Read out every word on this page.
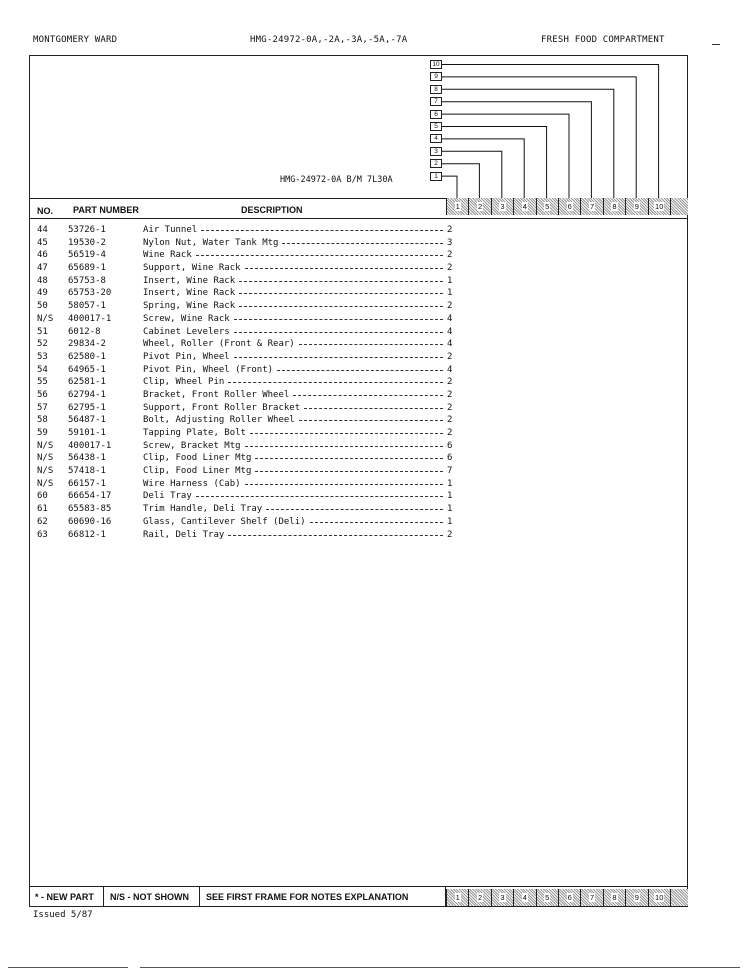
MONTGOMERY WARD	HMG-24972-0A,-2A,-3A,-5A,-7A	FRESH FOOD COMPARTMENT
10
9
8
7
6
5
4
3
2
1
HMG-24972-0A B/M 7L30A
NO. PART NUMBER	DESCRIPTION	1 2 3 4 5 6 7 8 9 10
44 53726-1	Air Tunnel	2
45 19530-2	Nylon Nut, Water Tank Mtg	3
46 56519-4	Wine Rack	2
47 65689-1	Support, Wine Rack	2
48 65753-8	Insert, Wine Rack	1
49 65753-20	Insert, Wine Rack	1
50 58057-1	Spring, Wine Rack	2
N/S 400017-1	Screw, Wine Rack	4
51 6012-8	Cabinet Levelers	4
52 29834-2	Wheel, Roller (Front & Rear)	4
53 62580-1	Pivot Pin, Wheel	2
54 64965-1	Pivot Pin, Wheel (Front)	4
55 62581-1	Clip, Wheel Pin	2
56 62794-1	Bracket, Front Roller Wheel	2
57 62795-1	Support, Front Roller Bracket	2
58 56487-1	Bolt, Adjusting Roller Wheel	2
59 59101-1	Tapping Plate, Bolt	2
N/S 400017-1	Screw, Bracket Mtg	6
N/S 56438-1	Clip, Food Liner Mtg	6
N/S 57418-1	Clip, Food Liner Mtg	7
N/S 66157-1	Wire Harness (Cab)	1
60 66654-17	Deli Tray	1
61 65583-85	Trim Handle, Deli Tray	1
62 60690-16	Glass, Cantilever Shelf (Deli)	1
63 66812-1	Rail, Deli Tray	2
* - NEW PART	N/S - NOT SHOWN	SEE FIRST FRAME FOR NOTES EXPLANATION	1 2 3 4 5 6 7 8 9 10
Issued 5/87
